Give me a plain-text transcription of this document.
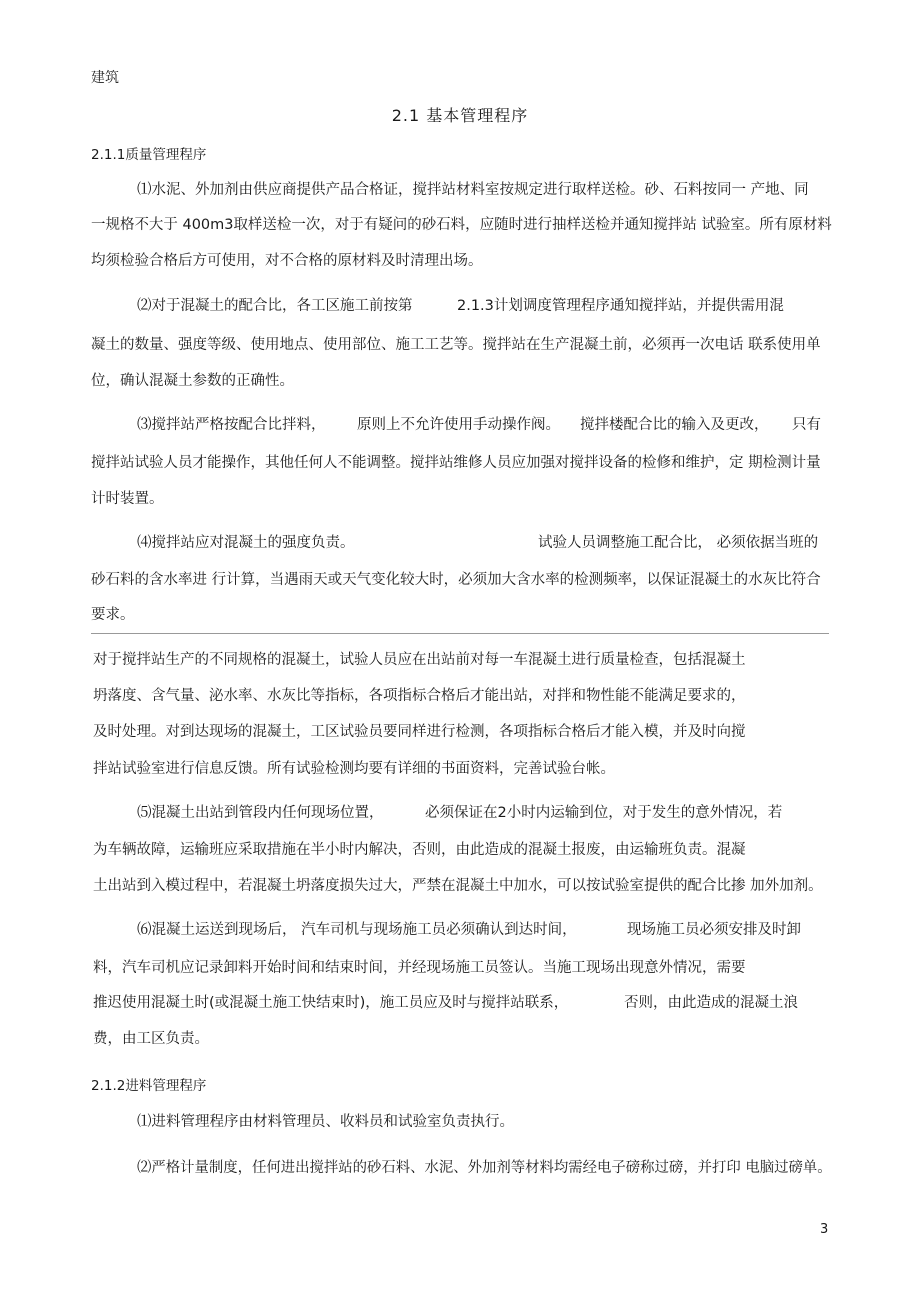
建筑
2.1 基本管理程序
2.1.1质量管理程序
⑴水泥、外加剂由供应商提供产品合格证，搅拌站材料室按规定进行取样送检。砂、石料按同一 产地、同
一规格不大于 400m3取样送检一次，对于有疑问的砂石料，应随时进行抽样送检并通知搅拌站 试验室。所有原材料
均须检验合格后方可使用，对不合格的原材料及时清理出场。
⑵对于混凝土的配合比，各工区施工前按第	2.1.3计划调度管理程序通知搅拌站，并提供需用混
凝土的数量、强度等级、使用地点、使用部位、施工工艺等。搅拌站在生产混凝土前，必须再一次电话 联系使用单
位，确认混凝土参数的正确性。
⑶搅拌站严格按配合比拌料， 原则上不允许使用手动操作阀。 搅拌楼配合比的输入及更改， 只有
搅拌站试验人员才能操作，其他任何人不能调整。搅拌站维修人员应加强对搅拌设备的检修和维护，定 期检测计量
计时装置。
⑷搅拌站应对混凝土的强度负责。	试验人员调整施工配合比， 必须依据当班的
砂石料的含水率进 行计算，当遇雨天或天气变化较大时，必须加大含水率的检测频率，以保证混凝土的水灰比符合
要求。
对于搅拌站生产的不同规格的混凝土，试验人员应在出站前对每一车混凝土进行质量检查，包括混凝土
坍落度、含气量、泌水率、水灰比等指标，各项指标合格后才能出站，对拌和物性能不能满足要求的，
及时处理。对到达现场的混凝土，工区试验员要同样进行检测，各项指标合格后才能入模，并及时向搅
拌站试验室进行信息反馈。所有试验检测均要有详细的书面资料，完善试验台帐。
⑸混凝土出站到管段内任何现场位置，	必须保证在2小时内运输到位，对于发生的意外情况，若
为车辆故障，运输班应采取措施在半小时内解决，否则，由此造成的混凝土报废，由运输班负责。混凝
土出站到入模过程中，若混凝土坍落度损失过大，严禁在混凝土中加水，可以按试验室提供的配合比掺 加外加剂。
⑹混凝土运送到现场后， 汽车司机与现场施工员必须确认到达时间，	现场施工员必须安排及时卸
料，汽车司机应记录卸料开始时间和结束时间，并经现场施工员签认。当施工现场出现意外情况，需要
推迟使用混凝土时(或混凝土施工快结束时)，施工员应及时与搅拌站联系，	否则，由此造成的混凝土浪
费，由工区负责。
2.1.2进料管理程序
⑴进料管理程序由材料管理员、收料员和试验室负责执行。
⑵严格计量制度，任何进出搅拌站的砂石料、水泥、外加剂等材料均需经电子磅称过磅，并打印 电脑过磅单。
3
